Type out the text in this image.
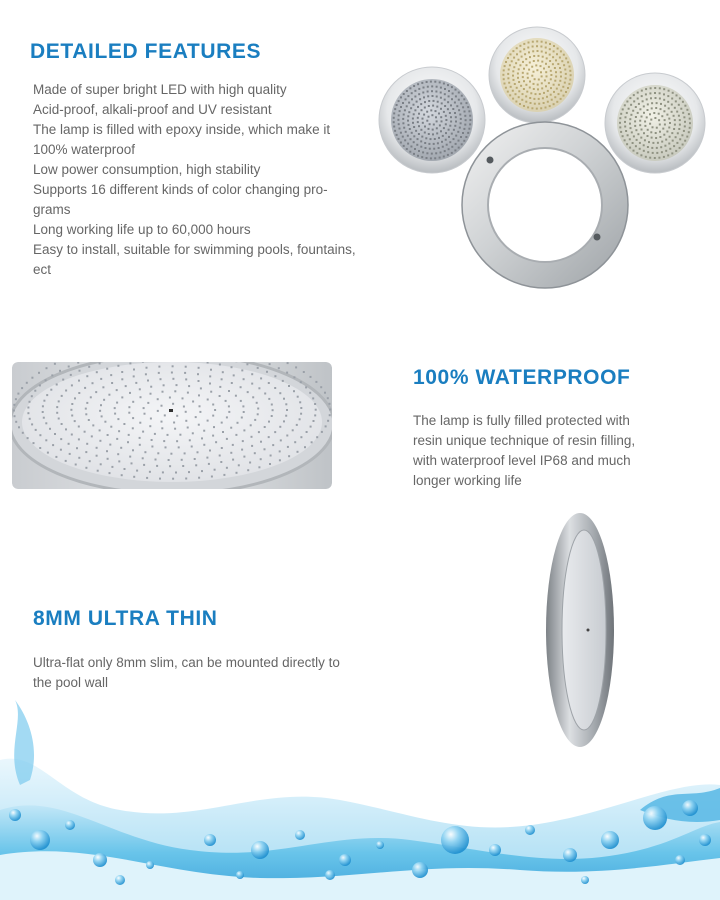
DETAILED FEATURES
Made of super bright LED with high quality
Acid-proof, alkali-proof and UV resistant
The lamp is filled with epoxy inside, which make it
100% waterproof
Low power consumption, high stability
Supports 16 different kinds of color changing pro-
grams
Long working life up to 60,000 hours
Easy to install, suitable for swimming pools, fountains,
ect
100% WATERPROOF
The lamp is fully filled protected with
resin unique technique of resin filling,
with waterproof level IP68 and much
longer working life
8MM ULTRA THIN
Ultra-flat only 8mm slim, can be mounted directly to
the pool wall
